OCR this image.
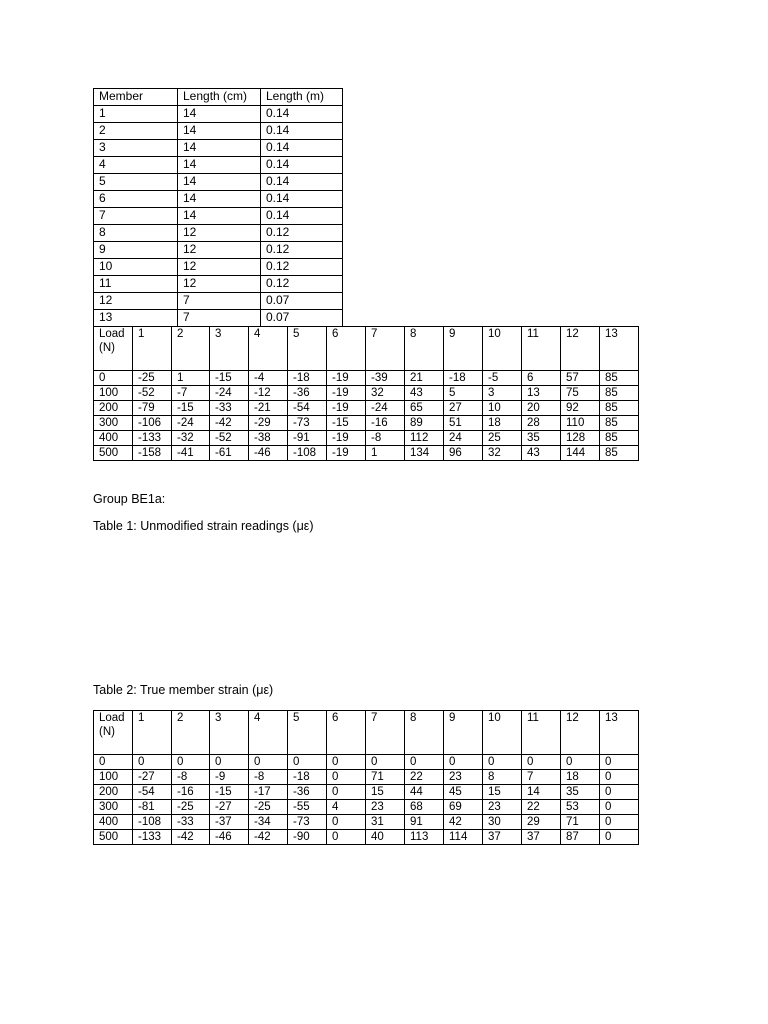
Member	Length (cm)	Length (m)
1	14	0.14
2	14	0.14
3	14	0.14
4	14	0.14
5	14	0.14
6	14	0.14
7	14	0.14
8	12	0.12
9	12	0.12
10	12	0.12
11	12	0.12
12	7	0.07
13	7	0.07
Load (N)	1	2	3	4	5	6	7	8	9	10	11	12	13
0	-25	1	-15	-4	-18	-19	-39	21	-18	-5	6	57	85
100	-52	-7	-24	-12	-36	-19	32	43	5	3	13	75	85
200	-79	-15	-33	-21	-54	-19	-24	65	27	10	20	92	85
300	-106	-24	-42	-29	-73	-15	-16	89	51	18	28	110	85
400	-133	-32	-52	-38	-91	-19	-8	112	24	25	35	128	85
500	-158	-41	-61	-46	-108	-19	1	134	96	32	43	144	85
Group BE1a:
Table 1: Unmodified strain readings (με)
Table 2: True member strain (με)
Load (N)	1	2	3	4	5	6	7	8	9	10	11	12	13
0	0	0	0	0	0	0	0	0	0	0	0	0	0
100	-27	-8	-9	-8	-18	0	71	22	23	8	7	18	0
200	-54	-16	-15	-17	-36	0	15	44	45	15	14	35	0
300	-81	-25	-27	-25	-55	4	23	68	69	23	22	53	0
400	-108	-33	-37	-34	-73	0	31	91	42	30	29	71	0
500	-133	-42	-46	-42	-90	0	40	113	114	37	37	87	0
